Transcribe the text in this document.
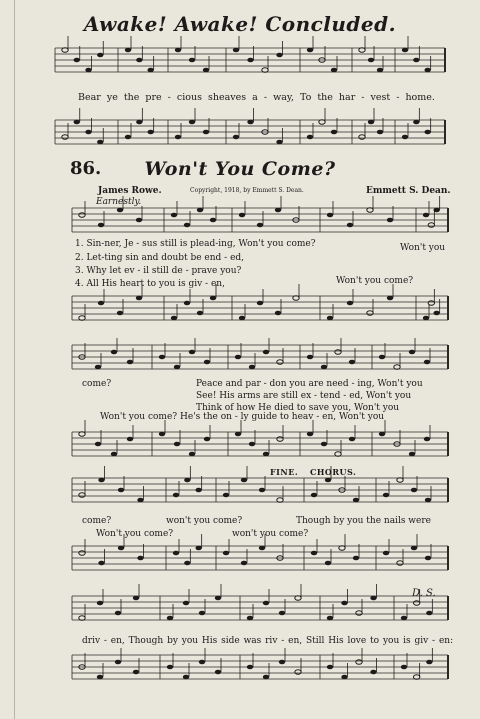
Awake! Awake! Concluded.
Bear ye the pre - cious sheaves a - way, To the har - vest - home.
86.	Won't You Come?
James Rowe.	Copyright, 1918, by Emmett S. Dean.	Emmett S. Dean.
Earnestly.
1. Sin-ner, Je - sus still is plead-ing, Won't you come?
2. Let-ting sin and doubt be end - ed,
3. Why let ev - il still de - prave you?
4. All His heart to you is giv - en,
Won't you
Won't you come?
come?	Peace and par - don you are need - ing, Won't you
See! His arms are still ex - tend - ed, Won't you
Think of how He died to save you, Won't you
Won't you come? He's the on - ly guide to heav - en, Won't you
FINE. CHORUS.
come?	won't you come?	Though by you the nails were
Won't you come?	won't you come?
D. S.
driv - en, Though by you His side was riv - en, Still His love to you is giv - en:
